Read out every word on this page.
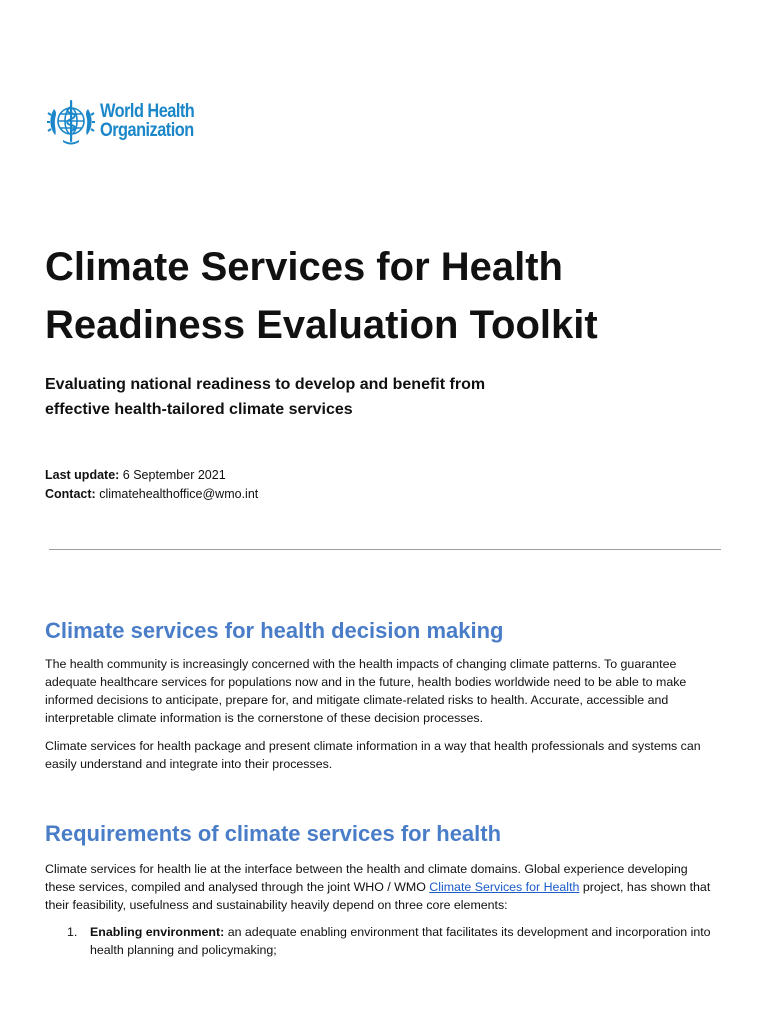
World Health
Organization
Climate Services for Health
Readiness Evaluation Toolkit
Evaluating national readiness to develop and benefit from
effective health-tailored climate services
Last update: 6 September 2021
Contact: climatehealthoffice@wmo.int
Climate services for health decision making
The health community is increasingly concerned with the health impacts of changing climate patterns. To guarantee
adequate healthcare services for populations now and in the future, health bodies worldwide need to be able to make
informed decisions to anticipate, prepare for, and mitigate climate-related risks to health. Accurate, accessible and
interpretable climate information is the cornerstone of these decision processes.
Climate services for health package and present climate information in a way that health professionals and systems can
easily understand and integrate into their processes.
Requirements of climate services for health
Climate services for health lie at the interface between the health and climate domains. Global experience developing
these services, compiled and analysed through the joint WHO / WMO Climate Services for Health project, has shown that
their feasibility, usefulness and sustainability heavily depend on three core elements:
1. Enabling environment: an adequate enabling environment that facilitates its development and incorporation into
health planning and policymaking;
